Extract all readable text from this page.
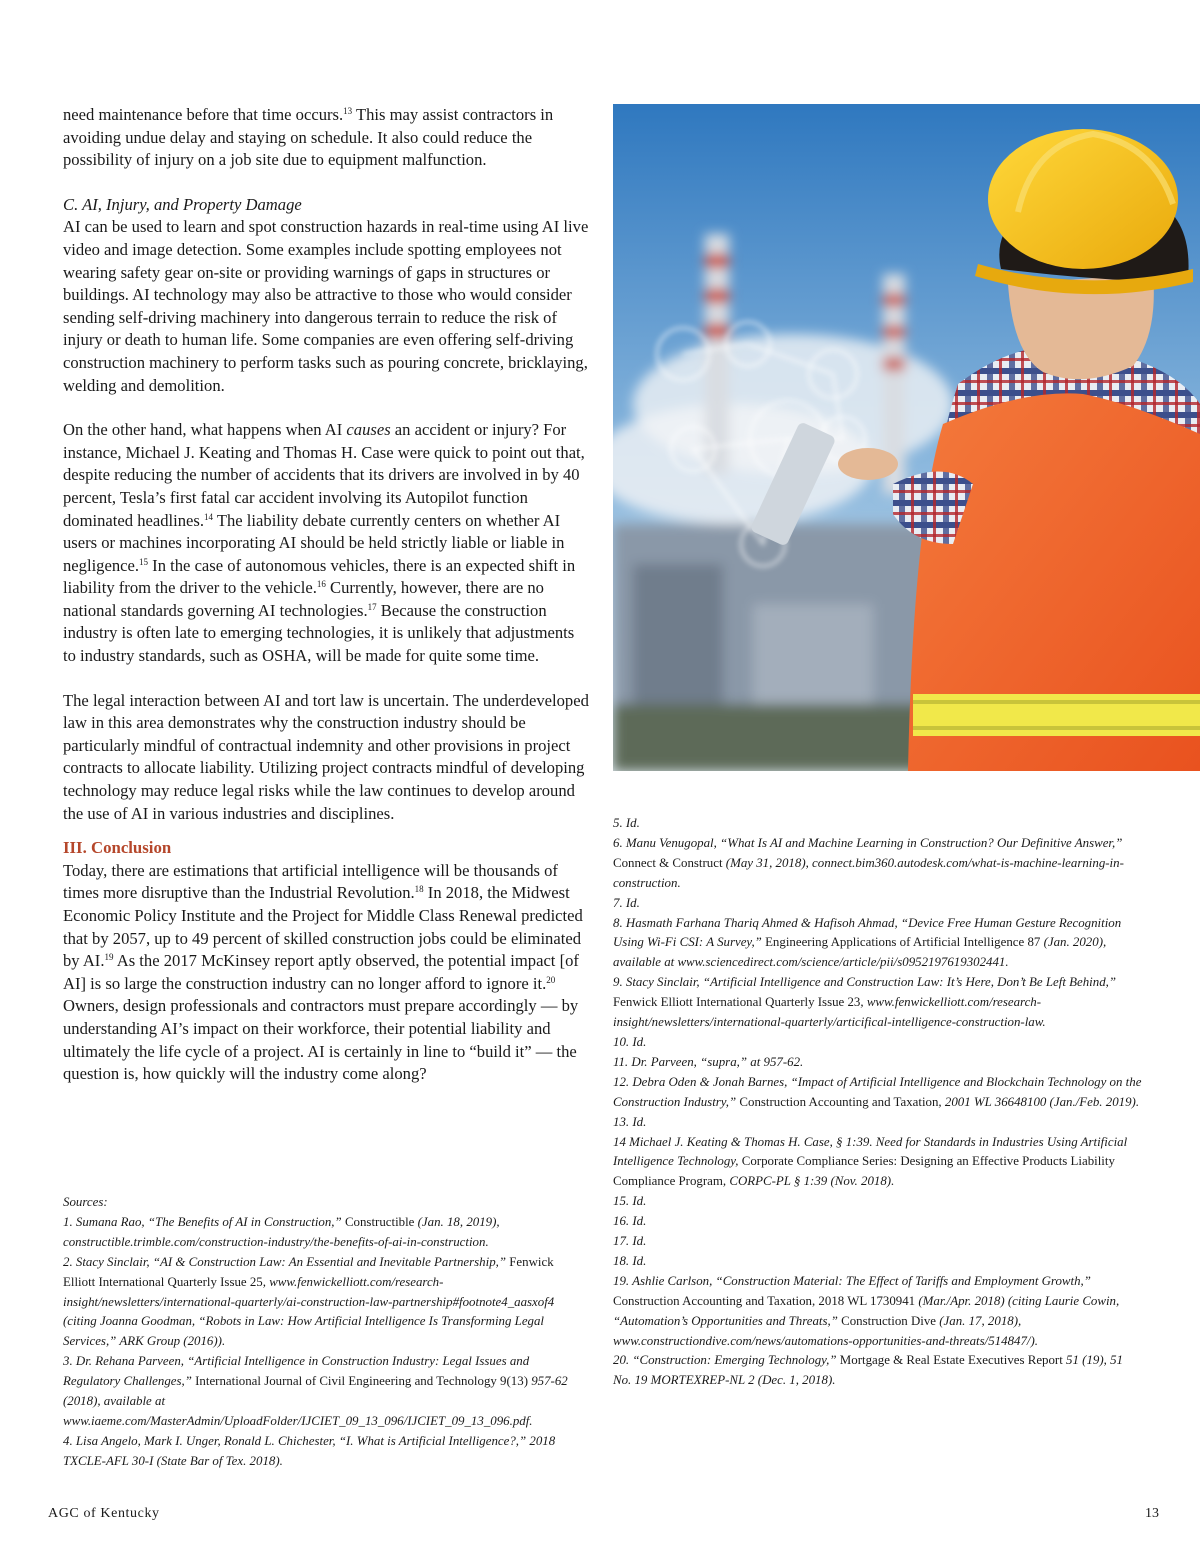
need maintenance before that time occurs.$^{13}$ This may assist contractors in avoiding undue delay and staying on schedule. It also could reduce the possibility of injury on a job site due to equipment malfunction.

C. AI, Injury, and Property Damage

AI can be used to learn and spot construction hazards in real-time using AI live video and image detection. Some examples include spotting employees not wearing safety gear on-site or providing warnings of gaps in structures or buildings. AI technology may also be attractive to those who would consider sending self-driving machinery into dangerous terrain to reduce the risk of injury or death to human life. Some companies are even offering self-driving construction machinery to perform tasks such as pouring concrete, bricklaying, welding and demolition.

On the other hand, what happens when AI causes an accident or injury? For instance, Michael J. Keating and Thomas H. Case were quick to point out that, despite reducing the number of accidents that its drivers are involved in by 40 percent, Tesla’s first fatal car accident involving its Autopilot function dominated headlines.$^{14}$ The liability debate currently centers on whether AI users or machines incorporating AI should be held strictly liable or liable in negligence.$^{15}$ In the case of autonomous vehicles, there is an expected shift in liability from the driver to the vehicle.$^{16}$ Currently, however, there are no national standards governing AI technologies.$^{17}$ Because the construction industry is often late to emerging technologies, it is unlikely that adjustments to industry standards, such as OSHA, will be made for quite some time.

The legal interaction between AI and tort law is uncertain. The underdeveloped law in this area demonstrates why the construction industry should be particularly mindful of contractual indemnity and other provisions in project contracts to allocate liability. Utilizing project contracts mindful of developing technology may reduce legal risks while the law continues to develop around the use of AI in various industries and disciplines.

III. Conclusion

Today, there are estimations that artificial intelligence will be thousands of times more disruptive than the Industrial Revolution.$^{18}$ In 2018, the Midwest Economic Policy Institute and the Project for Middle Class Renewal predicted that by 2057, up to 49 percent of skilled construction jobs could be eliminated by AI.$^{19}$ As the 2017 McKinsey report aptly observed, the potential impact [of AI] is so large the construction industry can no longer afford to ignore it.$^{20}$ Owners, design professionals and contractors must prepare accordingly — by understanding AI’s impact on their workforce, their potential liability and ultimately the life cycle of a project. AI is certainly in line to “build it” — the question is, how quickly will the industry come along?

Sources:
1. Sumana Rao, “The Benefits of AI in Construction,” Constructible (Jan. 18, 2019), constructible.trimble.com/construction-industry/the-benefits-of-ai-in-construction.
2. Stacy Sinclair, “AI & Construction Law: An Essential and Inevitable Partnership,” Fenwick Elliott International Quarterly Issue 25, www.fenwickelliott.com/research-insight/newsletters/international-quarterly/ai-construction-law-partnership#footnote4_aasxof4 (citing Joanna Goodman, “Robots in Law: How Artificial Intelligence Is Transforming Legal Services,” ARK Group (2016)).
3. Dr. Rehana Parveen, “Artificial Intelligence in Construction Industry: Legal Issues and Regulatory Challenges,” International Journal of Civil Engineering and Technology 9(13) 957-62 (2018), available at www.iaeme.com/MasterAdmin/UploadFolder/IJCIET_09_13_096/IJCIET_09_13_096.pdf.
4. Lisa Angelo, Mark I. Unger, Ronald L. Chichester, “I. What is Artificial Intelligence?,” 2018 TXCLE-AFL 30-I (State Bar of Tex. 2018).
5. Id.
6. Manu Venugopal, “What Is AI and Machine Learning in Construction? Our Definitive Answer,” Connect & Construct (May 31, 2018), connect.bim360.autodesk.com/what-is-machine-learning-in-construction.
7. Id.
8. Hasmath Farhana Thariq Ahmed & Hafisoh Ahmad, “Device Free Human Gesture Recognition Using Wi-Fi CSI: A Survey,” Engineering Applications of Artificial Intelligence 87 (Jan. 2020), available at www.sciencedirect.com/science/article/pii/s0952197619302441.
9. Stacy Sinclair, “Artificial Intelligence and Construction Law: It’s Here, Don’t Be Left Behind,” Fenwick Elliott International Quarterly Issue 23, www.fenwickelliott.com/research-insight/newsletters/international-quarterly/articifical-intelligence-construction-law.
10. Id.
11. Dr. Parveen, “supra,” at 957-62.
12. Debra Oden & Jonah Barnes, “Impact of Artificial Intelligence and Blockchain Technology on the Construction Industry,” Construction Accounting and Taxation, 2001 WL 36648100 (Jan./Feb. 2019).
13. Id.
14 Michael J. Keating & Thomas H. Case, § 1:39. Need for Standards in Industries Using Artificial Intelligence Technology, Corporate Compliance Series: Designing an Effective Products Liability Compliance Program, CORPC-PL § 1:39 (Nov. 2018).
15. Id.
16. Id.
17. Id.
18. Id.
19. Ashlie Carlson, “Construction Material: The Effect of Tariffs and Employment Growth,” Construction Accounting and Taxation, 2018 WL 1730941 (Mar./Apr. 2018) (citing Laurie Cowin, “Automation’s Opportunities and Threats,” Construction Dive (Jan. 17, 2018), www.constructiondive.com/news/automations-opportunities-and-threats/514847/).
20. “Construction: Emerging Technology,” Mortgage & Real Estate Executives Report 51 (19), 51 No. 19 MORTEXREP-NL 2 (Dec. 1, 2018).
AGC of Kentucky	13
